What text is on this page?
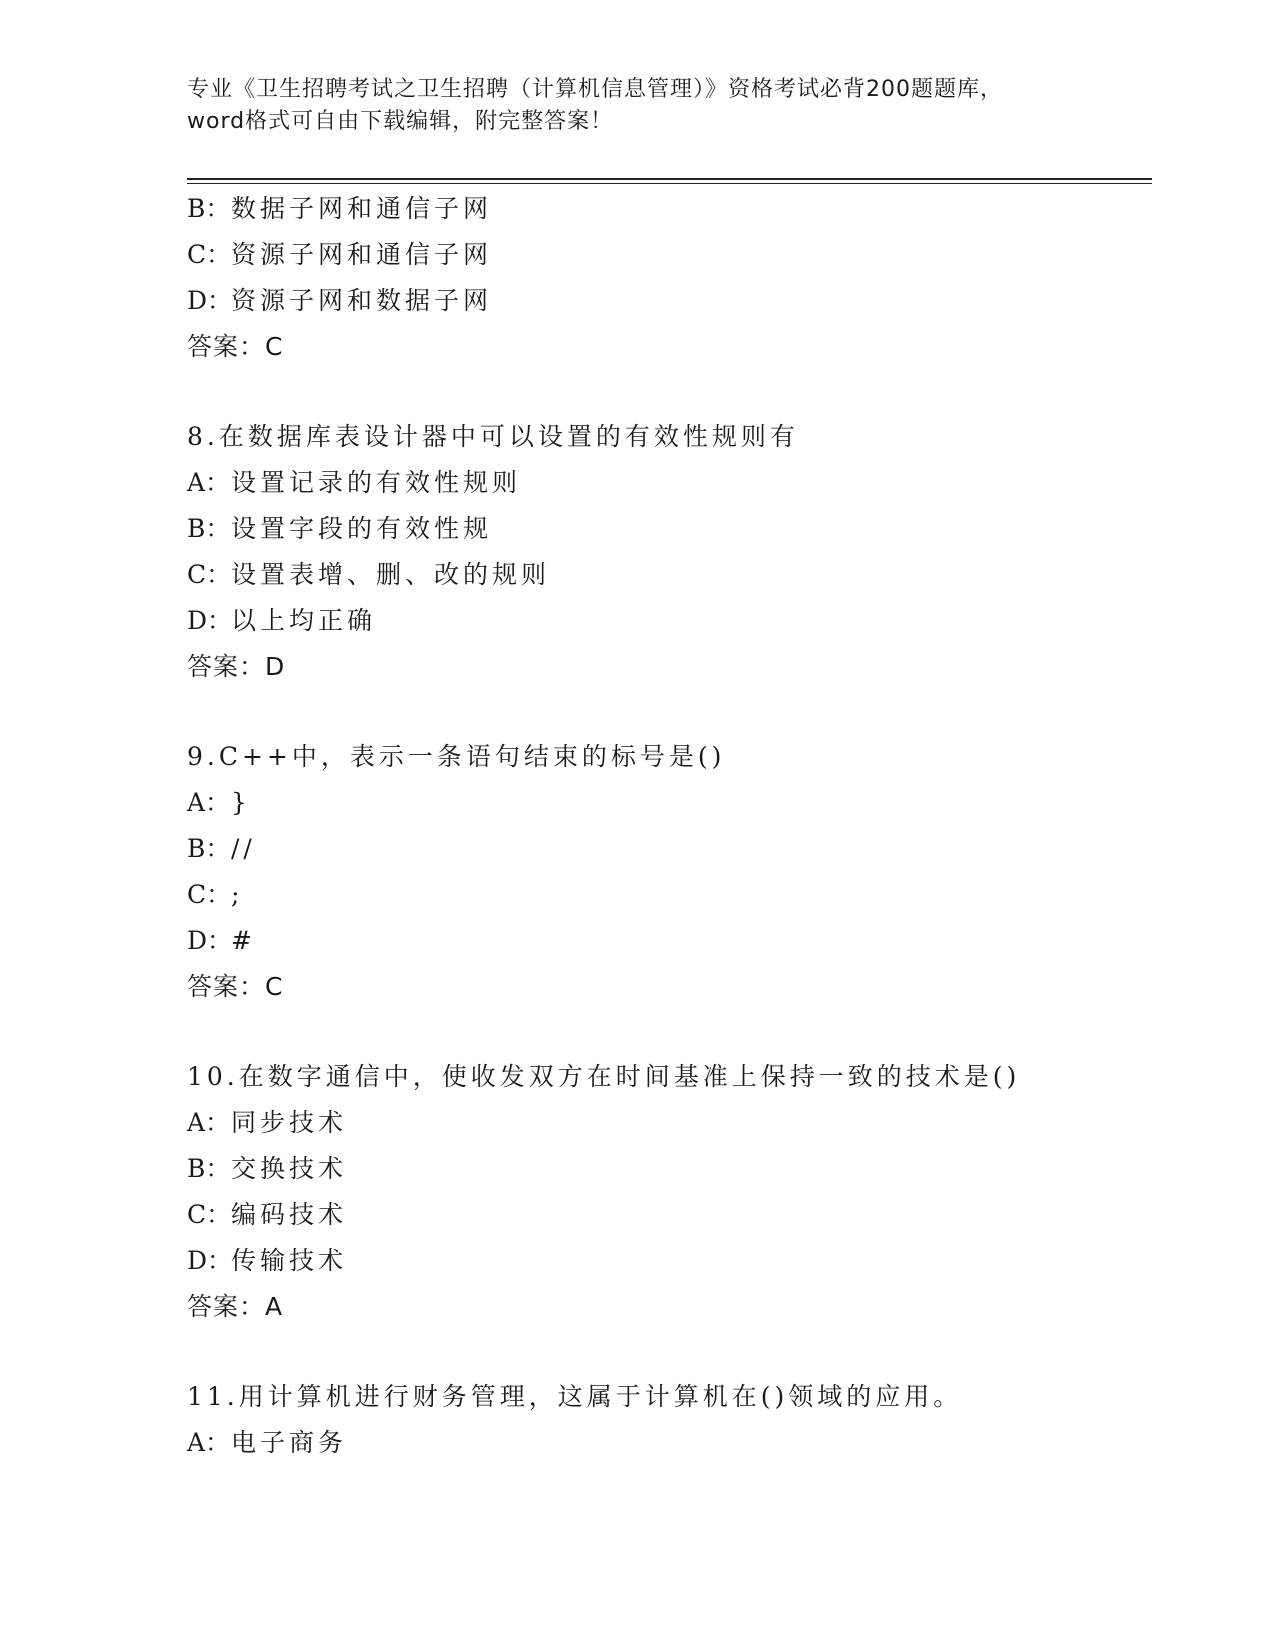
专业《卫生招聘考试之卫生招聘（计算机信息管理）》资格考试必背200题题库，
word格式可自由下载编辑，附完整答案！
B：数据子网和通信子网
C：资源子网和通信子网
D：资源子网和数据子网
答案：C
8.在数据库表设计器中可以设置的有效性规则有
A：设置记录的有效性规则
B：设置字段的有效性规
C：设置表增、删、改的规则
D：以上均正确
答案：D
9.C++中，表示一条语句结束的标号是()
A：}
B：//
C：;
D：#
答案：C
10.在数字通信中，使收发双方在时间基准上保持一致的技术是()
A：同步技术
B：交换技术
C：编码技术
D：传输技术
答案：A
11.用计算机进行财务管理，这属于计算机在()领域的应用。
A：电子商务
